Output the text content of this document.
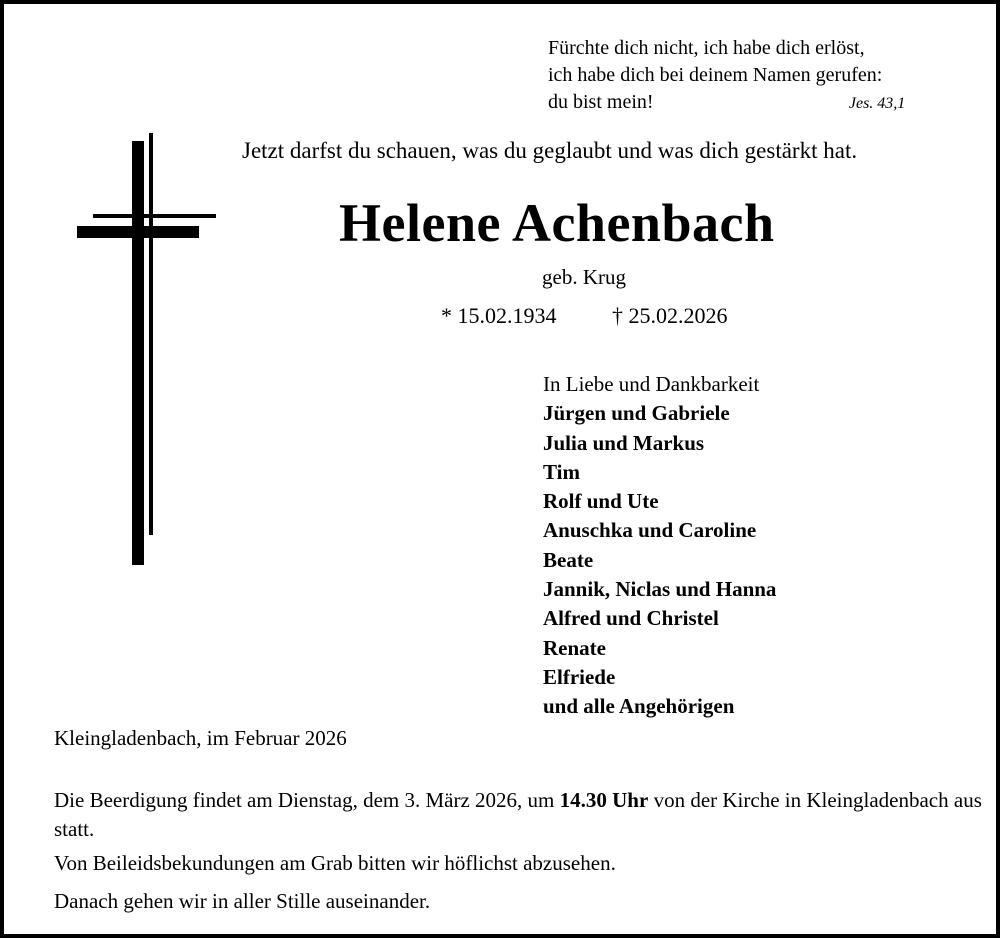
Fürchte dich nicht, ich habe dich erlöst,
ich habe dich bei deinem Namen gerufen:
du bist mein!	Jes. 43,1
Jetzt darfst du schauen, was du geglaubt und was dich gestärkt hat.
Helene Achenbach
geb. Krug
* 15.02.1934	† 25.02.2026
In Liebe und Dankbarkeit
Jürgen und Gabriele
Julia und Markus
Tim
Rolf und Ute
Anuschka und Caroline
Beate
Jannik, Niclas und Hanna
Alfred und Christel
Renate
Elfriede
und alle Angehörigen
Kleingladenbach, im Februar 2026
Die Beerdigung findet am Dienstag, dem 3. März 2026, um 14.30 Uhr von der Kirche in Kleingladenbach aus statt.
Von Beileidsbekundungen am Grab bitten wir höflichst abzusehen.
Danach gehen wir in aller Stille auseinander.
